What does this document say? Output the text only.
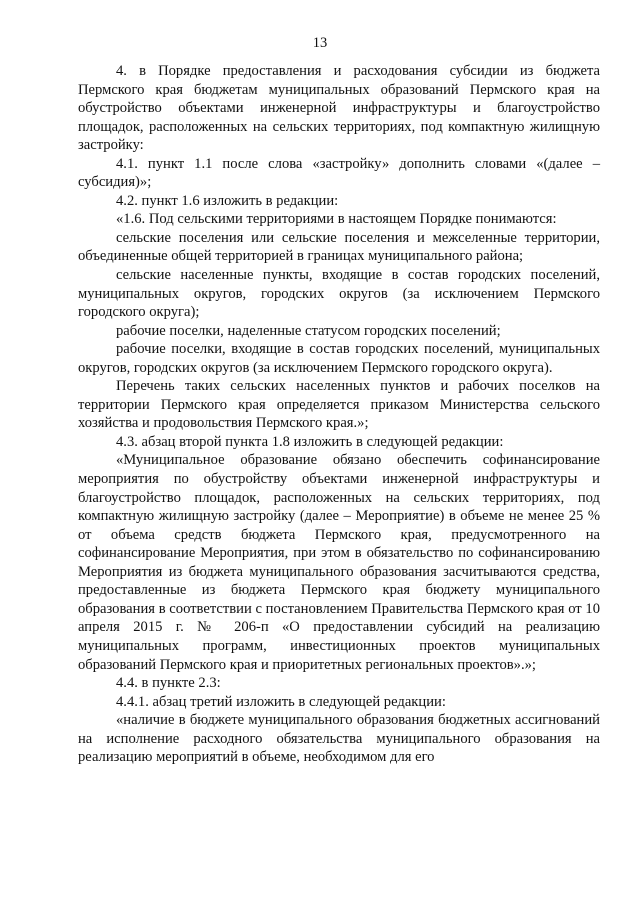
13

4. в Порядке предоставления и расходования субсидии из бюджета Пермского края бюджетам муниципальных образований Пермского края на обустройство объектами инженерной инфраструктуры и благоустройство площадок, расположенных на сельских территориях, под компактную жилищную застройку:

4.1. пункт 1.1 после слова «застройку» дополнить словами «(далее – субсидия)»;

4.2. пункт 1.6 изложить в редакции:

«1.6. Под сельскими территориями в настоящем Порядке понимаются:

сельские поселения или сельские поселения и межселенные территории, объединенные общей территорией в границах муниципального района;

сельские населенные пункты, входящие в состав городских поселений, муниципальных округов, городских округов (за исключением Пермского городского округа);

рабочие поселки, наделенные статусом городских поселений;

рабочие поселки, входящие в состав городских поселений, муниципальных округов, городских округов (за исключением Пермского городского округа).

Перечень таких сельских населенных пунктов и рабочих поселков на территории Пермского края определяется приказом Министерства сельского хозяйства и продовольствия Пермского края.»;

4.3. абзац второй пункта 1.8 изложить в следующей редакции:

«Муниципальное образование обязано обеспечить софинансирование мероприятия по обустройству объектами инженерной инфраструктуры и благоустройство площадок, расположенных на сельских территориях, под компактную жилищную застройку (далее – Мероприятие) в объеме не менее 25 % от объема средств бюджета Пермского края, предусмотренного на софинансирование Мероприятия, при этом в обязательство по софинансированию Мероприятия из бюджета муниципального образования засчитываются средства, предоставленные из бюджета Пермского края бюджету муниципального образования в соответствии с постановлением Правительства Пермского края от 10 апреля 2015 г. № 206-п «О предоставлении субсидий на реализацию муниципальных программ, инвестиционных проектов муниципальных образований Пермского края и приоритетных региональных проектов».»;

4.4. в пункте 2.3:

4.4.1. абзац третий изложить в следующей редакции:

«наличие в бюджете муниципального образования бюджетных ассигнований на исполнение расходного обязательства муниципального образования на реализацию мероприятий в объеме, необходимом для его
